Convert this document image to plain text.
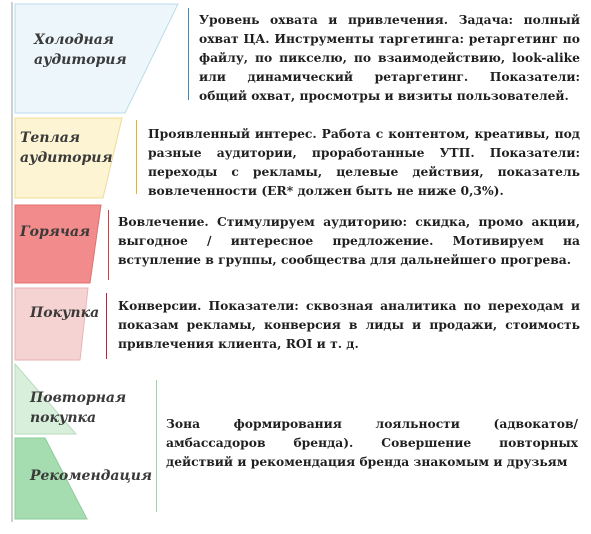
Холодная
аудитория
Теплая
аудитория
Горячая
Покупка
Повторная
покупка
Рекомендация
Уровень охвата и привлечения. Задача: полный охват ЦА. Инструменты таргетинга: ретаргетинг по файлу, по пикселю, по взаимодействию, look-alike или динамический ретаргетинг. Показатели: общий охват, просмотры и визиты пользователей.
Проявленный интерес. Работа с контентом, креативы, под разные аудитории, проработанные УТП. Показатели: переходы с рекламы, целевые действия, показатель вовлеченности (ER* должен быть не ниже 0,3%).
Вовлечение. Стимулируем аудиторию: скидка, промо акции, выгодное / интересное предложение. Мотивируем на вступление в группы, сообщества для дальнейшего прогрева.
Конверсии. Показатели: сквозная аналитика по переходам и показам рекламы, конверсия в лиды и продажи, стоимость привлечения клиента, ROI и т. д.
Зона формирования лояльности (адвокатов/амбассадоров бренда). Совершение повторных действий и рекомендация бренда знакомым и друзьям
